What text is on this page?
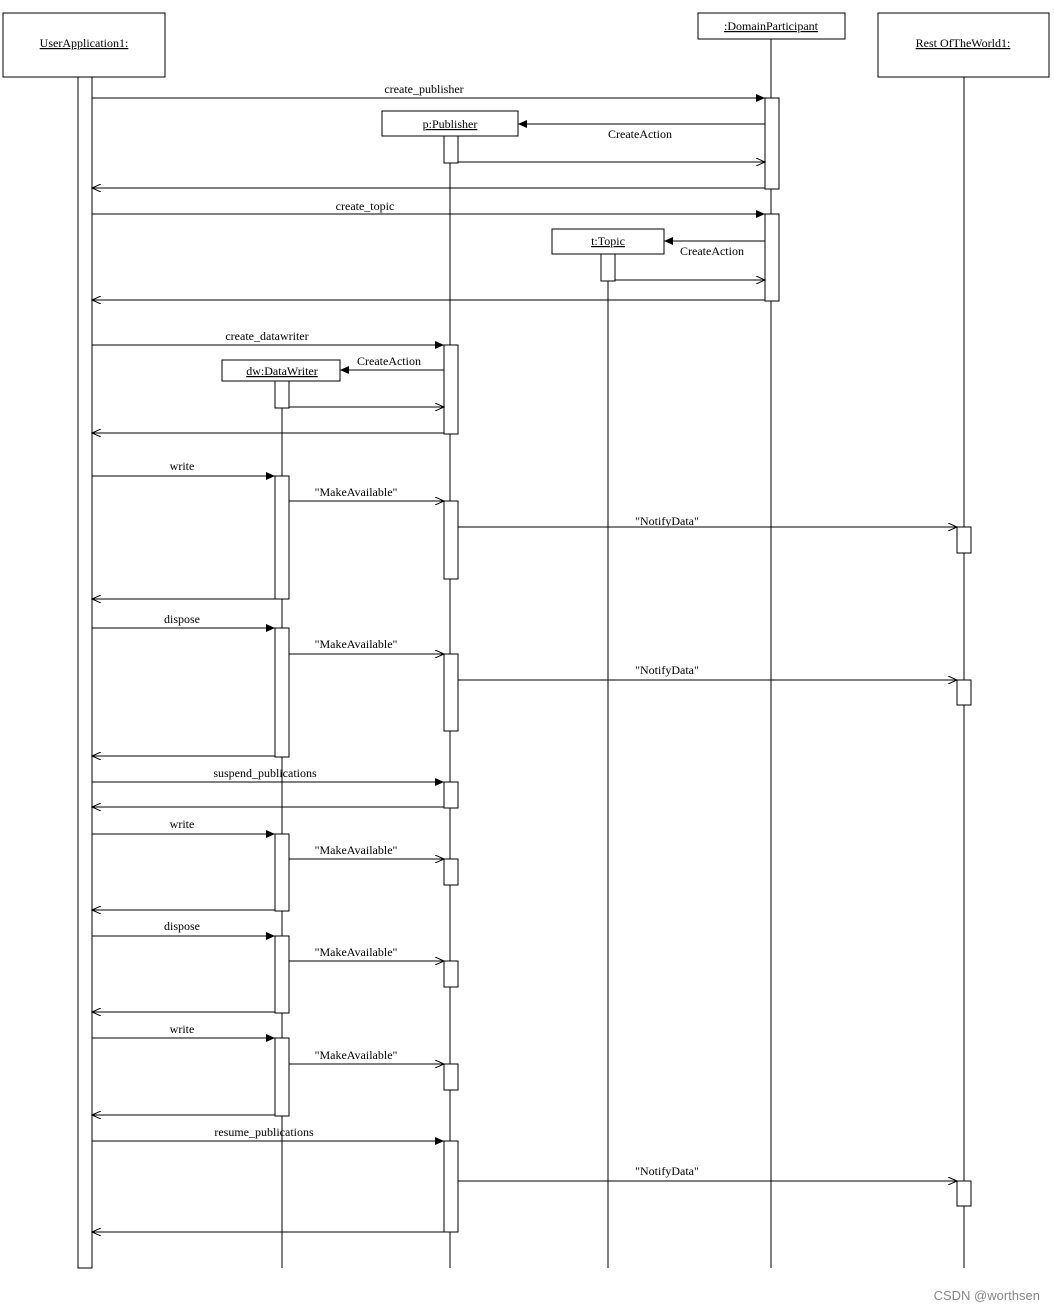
UserApplication1:
:DomainParticipant
Rest OfTheWorld1:
p:Publisher
t:Topic
dw:DataWriter
create_publisher
CreateAction
create_topic
CreateAction
create_datawriter
CreateAction
write
"MakeAvailable"
"NotifyData"
dispose
"MakeAvailable"
"NotifyData"
suspend_publications
write
"MakeAvailable"
dispose
"MakeAvailable"
write
"MakeAvailable"
resume_publications
"NotifyData"
CSDN @worthsen
